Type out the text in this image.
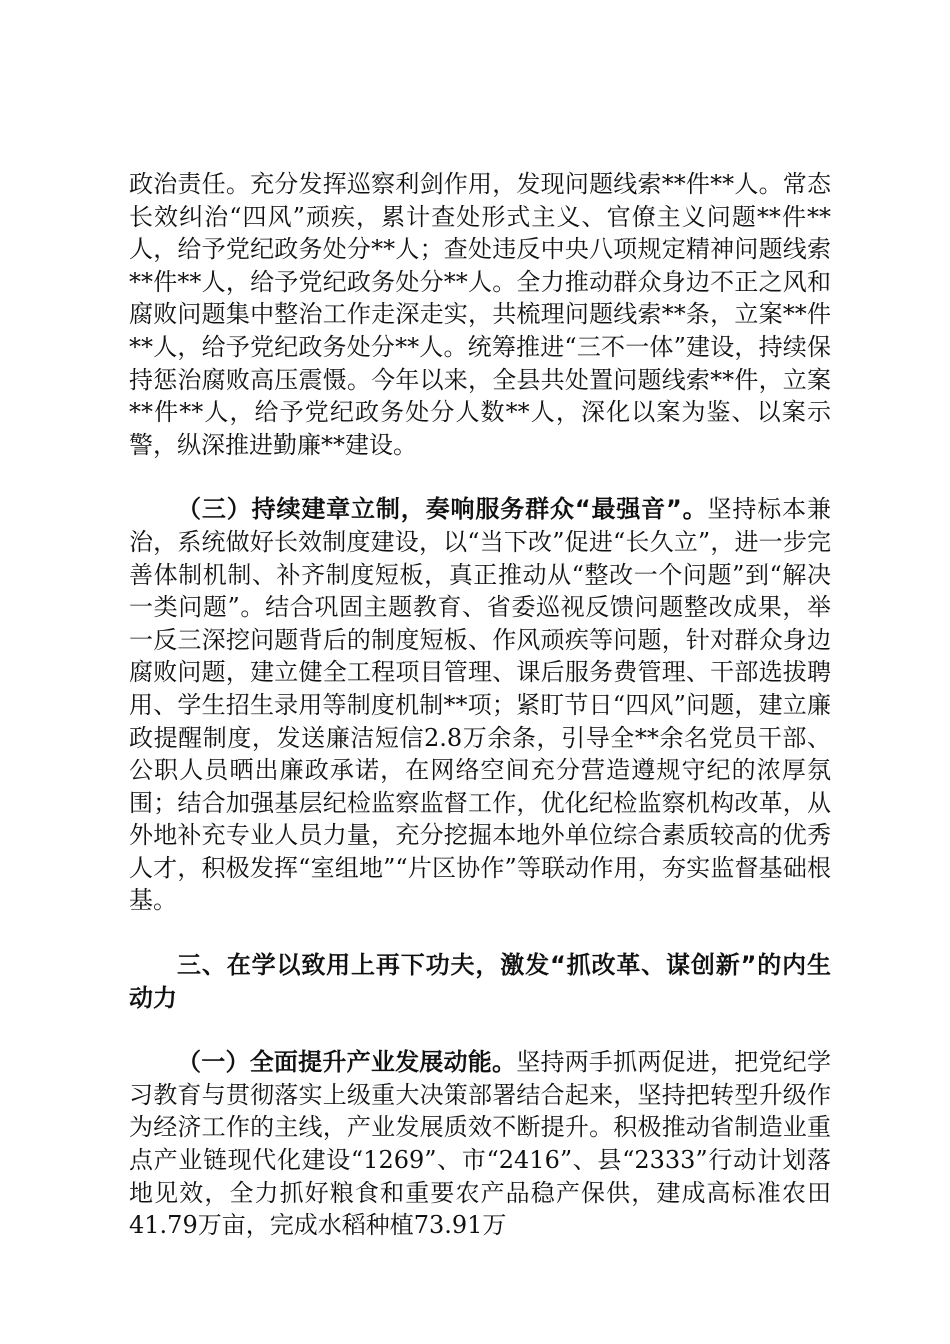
政治责任。充分发挥巡察利剑作用，发现问题线索**件**人。常态长效纠治“四风”顽疾，累计查处形式主义、官僚主义问题**件**人，给予党纪政务处分**人；查处违反中央八项规定精神问题线索**件**人，给予党纪政务处分**人。全力推动群众身边不正之风和腐败问题集中整治工作走深走实，共梳理问题线索**条，立案**件**人，给予党纪政务处分**人。统筹推进“三不一体”建设，持续保持惩治腐败高压震慑。今年以来，全县共处置问题线索**件，立案**件**人，给予党纪政务处分人数**人，深化以案为鉴、以案示警，纵深推进勤廉**建设。

（三）持续建章立制，奏响服务群众“最强音”。坚持标本兼治，系统做好长效制度建设，以“当下改”促进“长久立”，进一步完善体制机制、补齐制度短板，真正推动从“整改一个问题”到“解决一类问题”。结合巩固主题教育、省委巡视反馈问题整改成果，举一反三深挖问题背后的制度短板、作风顽疾等问题，针对群众身边腐败问题，建立健全工程项目管理、课后服务费管理、干部选拔聘用、学生招生录用等制度机制**项；紧盯节日“四风”问题，建立廉政提醒制度，发送廉洁短信2.8万余条，引导全**余名党员干部、公职人员晒出廉政承诺，在网络空间充分营造遵规守纪的浓厚氛围；结合加强基层纪检监察监督工作，优化纪检监察机构改革，从外地补充专业人员力量，充分挖掘本地外单位综合素质较高的优秀人才，积极发挥“室组地”“片区协作”等联动作用，夯实监督基础根基。

三、在学以致用上再下功夫，激发“抓改革、谋创新”的内生动力

（一）全面提升产业发展动能。坚持两手抓两促进，把党纪学习教育与贯彻落实上级重大决策部署结合起来，坚持把转型升级作为经济工作的主线，产业发展质效不断提升。积极推动省制造业重点产业链现代化建设“1269”、市“2416”、县“2333”行动计划落地见效，全力抓好粮食和重要农产品稳产保供，建成高标准农田41.79万亩，完成水稻种植73.91万
